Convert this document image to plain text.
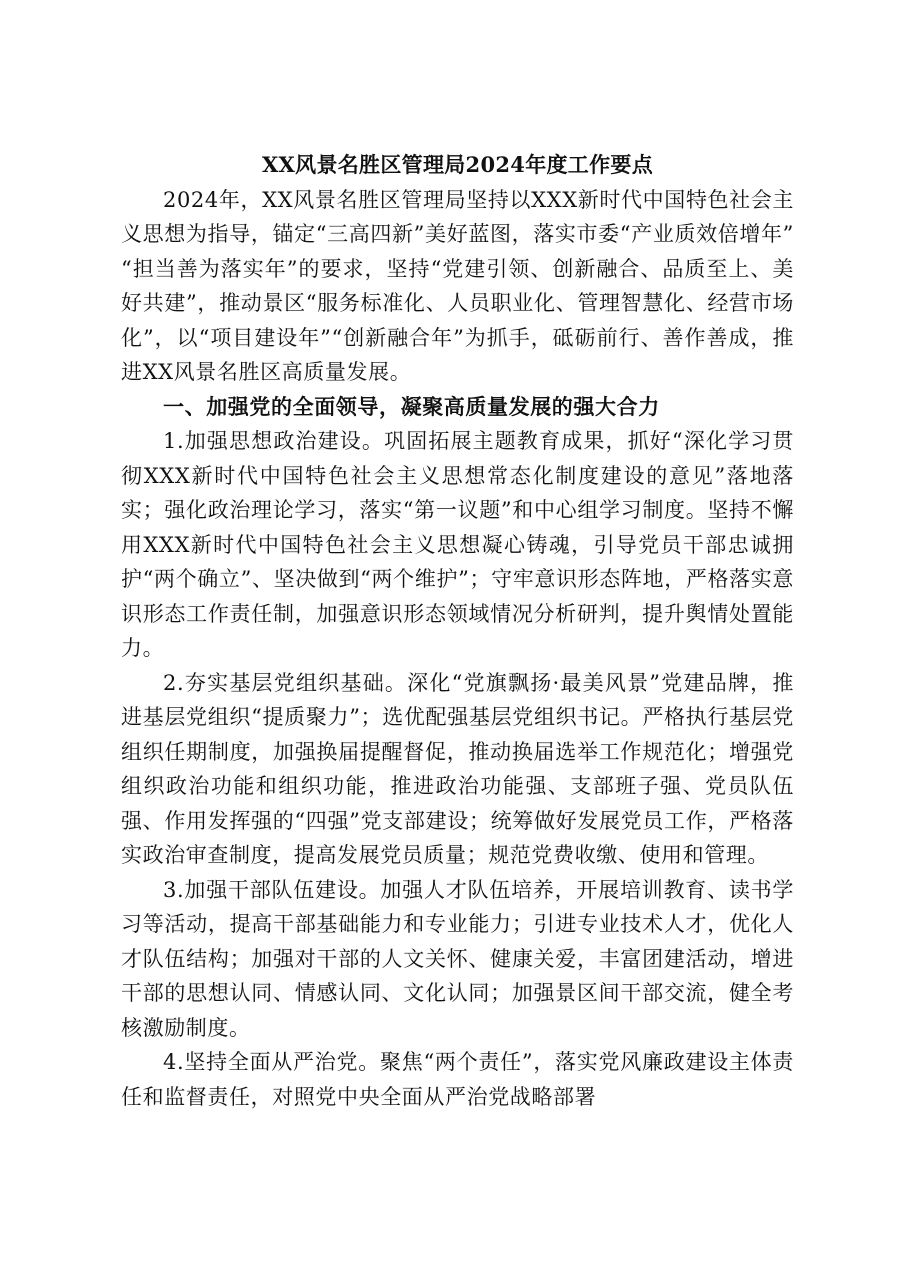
XX风景名胜区管理局2024年度工作要点

2024年，XX风景名胜区管理局坚持以XXX新时代中国特色社会主义思想为指导，锚定“三高四新”美好蓝图，落实市委“产业质效倍增年” “担当善为落实年”的要求，坚持“党建引领、创新融合、品质至上、美好共建”，推动景区“服务标准化、人员职业化、管理智慧化、经营市场化”，以“项目建设年”“创新融合年”为抓手，砥砺前行、善作善成，推进XX风景名胜区高质量发展。

一、加强党的全面领导，凝聚高质量发展的强大合力

1.加强思想政治建设。巩固拓展主题教育成果，抓好“深化学习贯彻XXX新时代中国特色社会主义思想常态化制度建设的意见”落地落实；强化政治理论学习，落实“第一议题”和中心组学习制度。坚持不懈用XXX新时代中国特色社会主义思想凝心铸魂，引导党员干部忠诚拥护“两个确立”、坚决做到“两个维护”；守牢意识形态阵地，严格落实意识形态工作责任制，加强意识形态领域情况分析研判，提升舆情处置能力。

2.夯实基层党组织基础。深化“党旗飘扬·最美风景”党建品牌，推进基层党组织“提质聚力”；选优配强基层党组织书记。严格执行基层党组织任期制度，加强换届提醒督促，推动换届选举工作规范化；增强党组织政治功能和组织功能，推进政治功能强、支部班子强、党员队伍强、作用发挥强的“四强”党支部建设；统筹做好发展党员工作，严格落实政治审查制度，提高发展党员质量；规范党费收缴、使用和管理。

3.加强干部队伍建设。加强人才队伍培养，开展培训教育、读书学习等活动，提高干部基础能力和专业能力；引进专业技术人才，优化人才队伍结构；加强对干部的人文关怀、健康关爱，丰富团建活动，增进干部的思想认同、情感认同、文化认同；加强景区间干部交流，健全考核激励制度。

4.坚持全面从严治党。聚焦“两个责任”，落实党风廉政建设主体责任和监督责任，对照党中央全面从严治党战略部署
